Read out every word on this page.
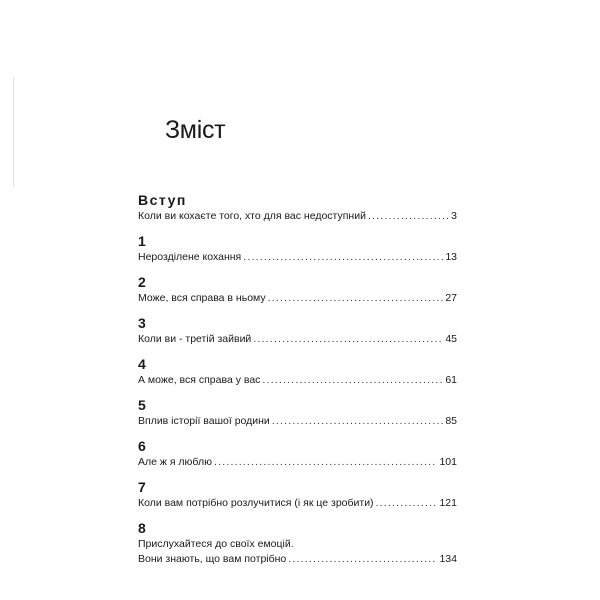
Зміст
Вступ
Коли ви кохаєте того, хто для вас недоступний .....	3
1
Нерозділене кохання .....	13
2
Може, вся справа в ньому .....	27
3
Коли ви - третій зайвий .....	45
4
А може, вся справа у вас .....	61
5
Вплив історії вашої родини .....	85
6
Але ж я люблю .....	101
7
Коли вам потрібно розлучитися (і як це зробити) .....	121
8
Прислухайтеся до своїх емоцій.
Вони знають, що вам потрібно .....	134
